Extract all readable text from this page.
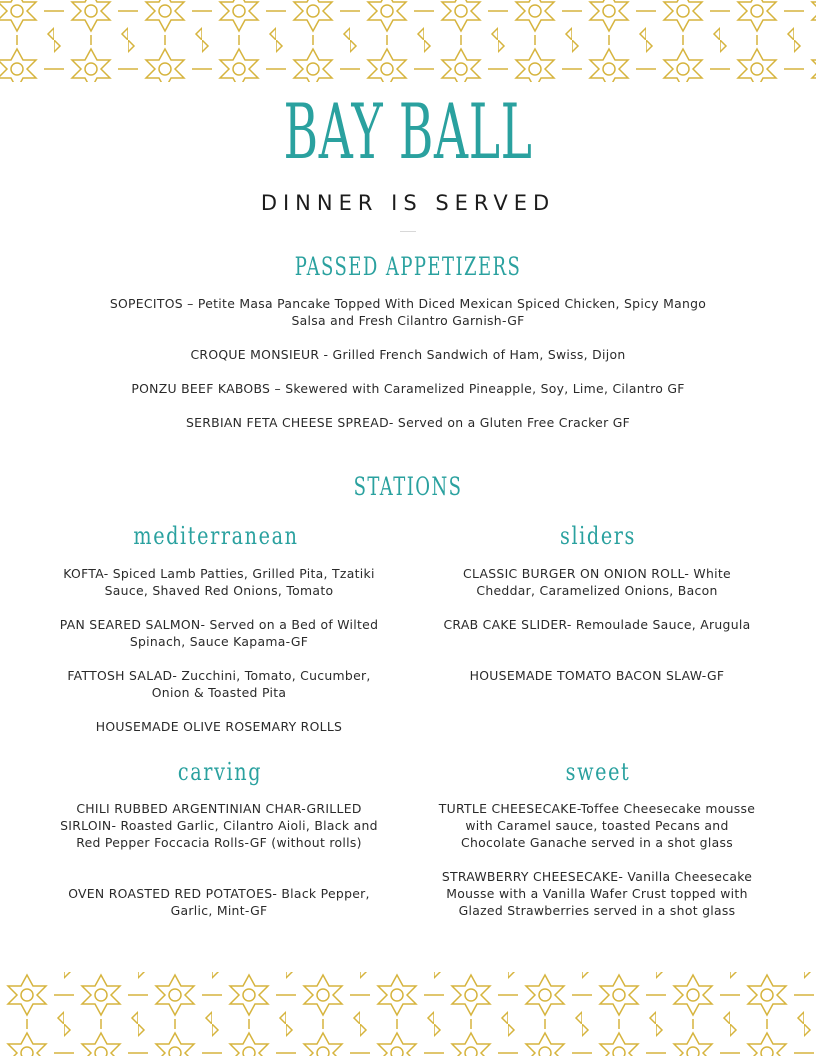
BAY BALL
DINNER IS SERVED
PASSED APPETIZERS
SOPECITOS – Petite Masa Pancake Topped With Diced Mexican Spiced Chicken, Spicy Mango Salsa and Fresh Cilantro Garnish-GF
CROQUE MONSIEUR - Grilled French Sandwich of Ham, Swiss, Dijon
PONZU BEEF KABOBS – Skewered with Caramelized Pineapple, Soy, Lime, Cilantro GF
SERBIAN FETA CHEESE SPREAD- Served on a Gluten Free Cracker GF
STATIONS
mediterranean
KOFTA- Spiced Lamb Patties, Grilled Pita, Tzatiki Sauce, Shaved Red Onions, Tomato
PAN SEARED SALMON- Served on a Bed of Wilted Spinach, Sauce Kapama-GF
FATTOSH SALAD- Zucchini, Tomato, Cucumber, Onion & Toasted Pita
HOUSEMADE OLIVE ROSEMARY ROLLS
sliders
CLASSIC BURGER ON ONION ROLL- White Cheddar, Caramelized Onions, Bacon
CRAB CAKE SLIDER- Remoulade Sauce, Arugula
HOUSEMADE TOMATO BACON SLAW-GF
carving
CHILI RUBBED ARGENTINIAN CHAR-GRILLED SIRLOIN- Roasted Garlic, Cilantro Aioli, Black and Red Pepper Foccacia Rolls-GF (without rolls)
OVEN ROASTED RED POTATOES- Black Pepper, Garlic, Mint-GF
sweet
TURTLE CHEESECAKE-Toffee Cheesecake mousse with Caramel sauce, toasted Pecans and Chocolate Ganache served in a shot glass
STRAWBERRY CHEESECAKE- Vanilla Cheesecake Mousse with a Vanilla Wafer Crust topped with Glazed Strawberries served in a shot glass
